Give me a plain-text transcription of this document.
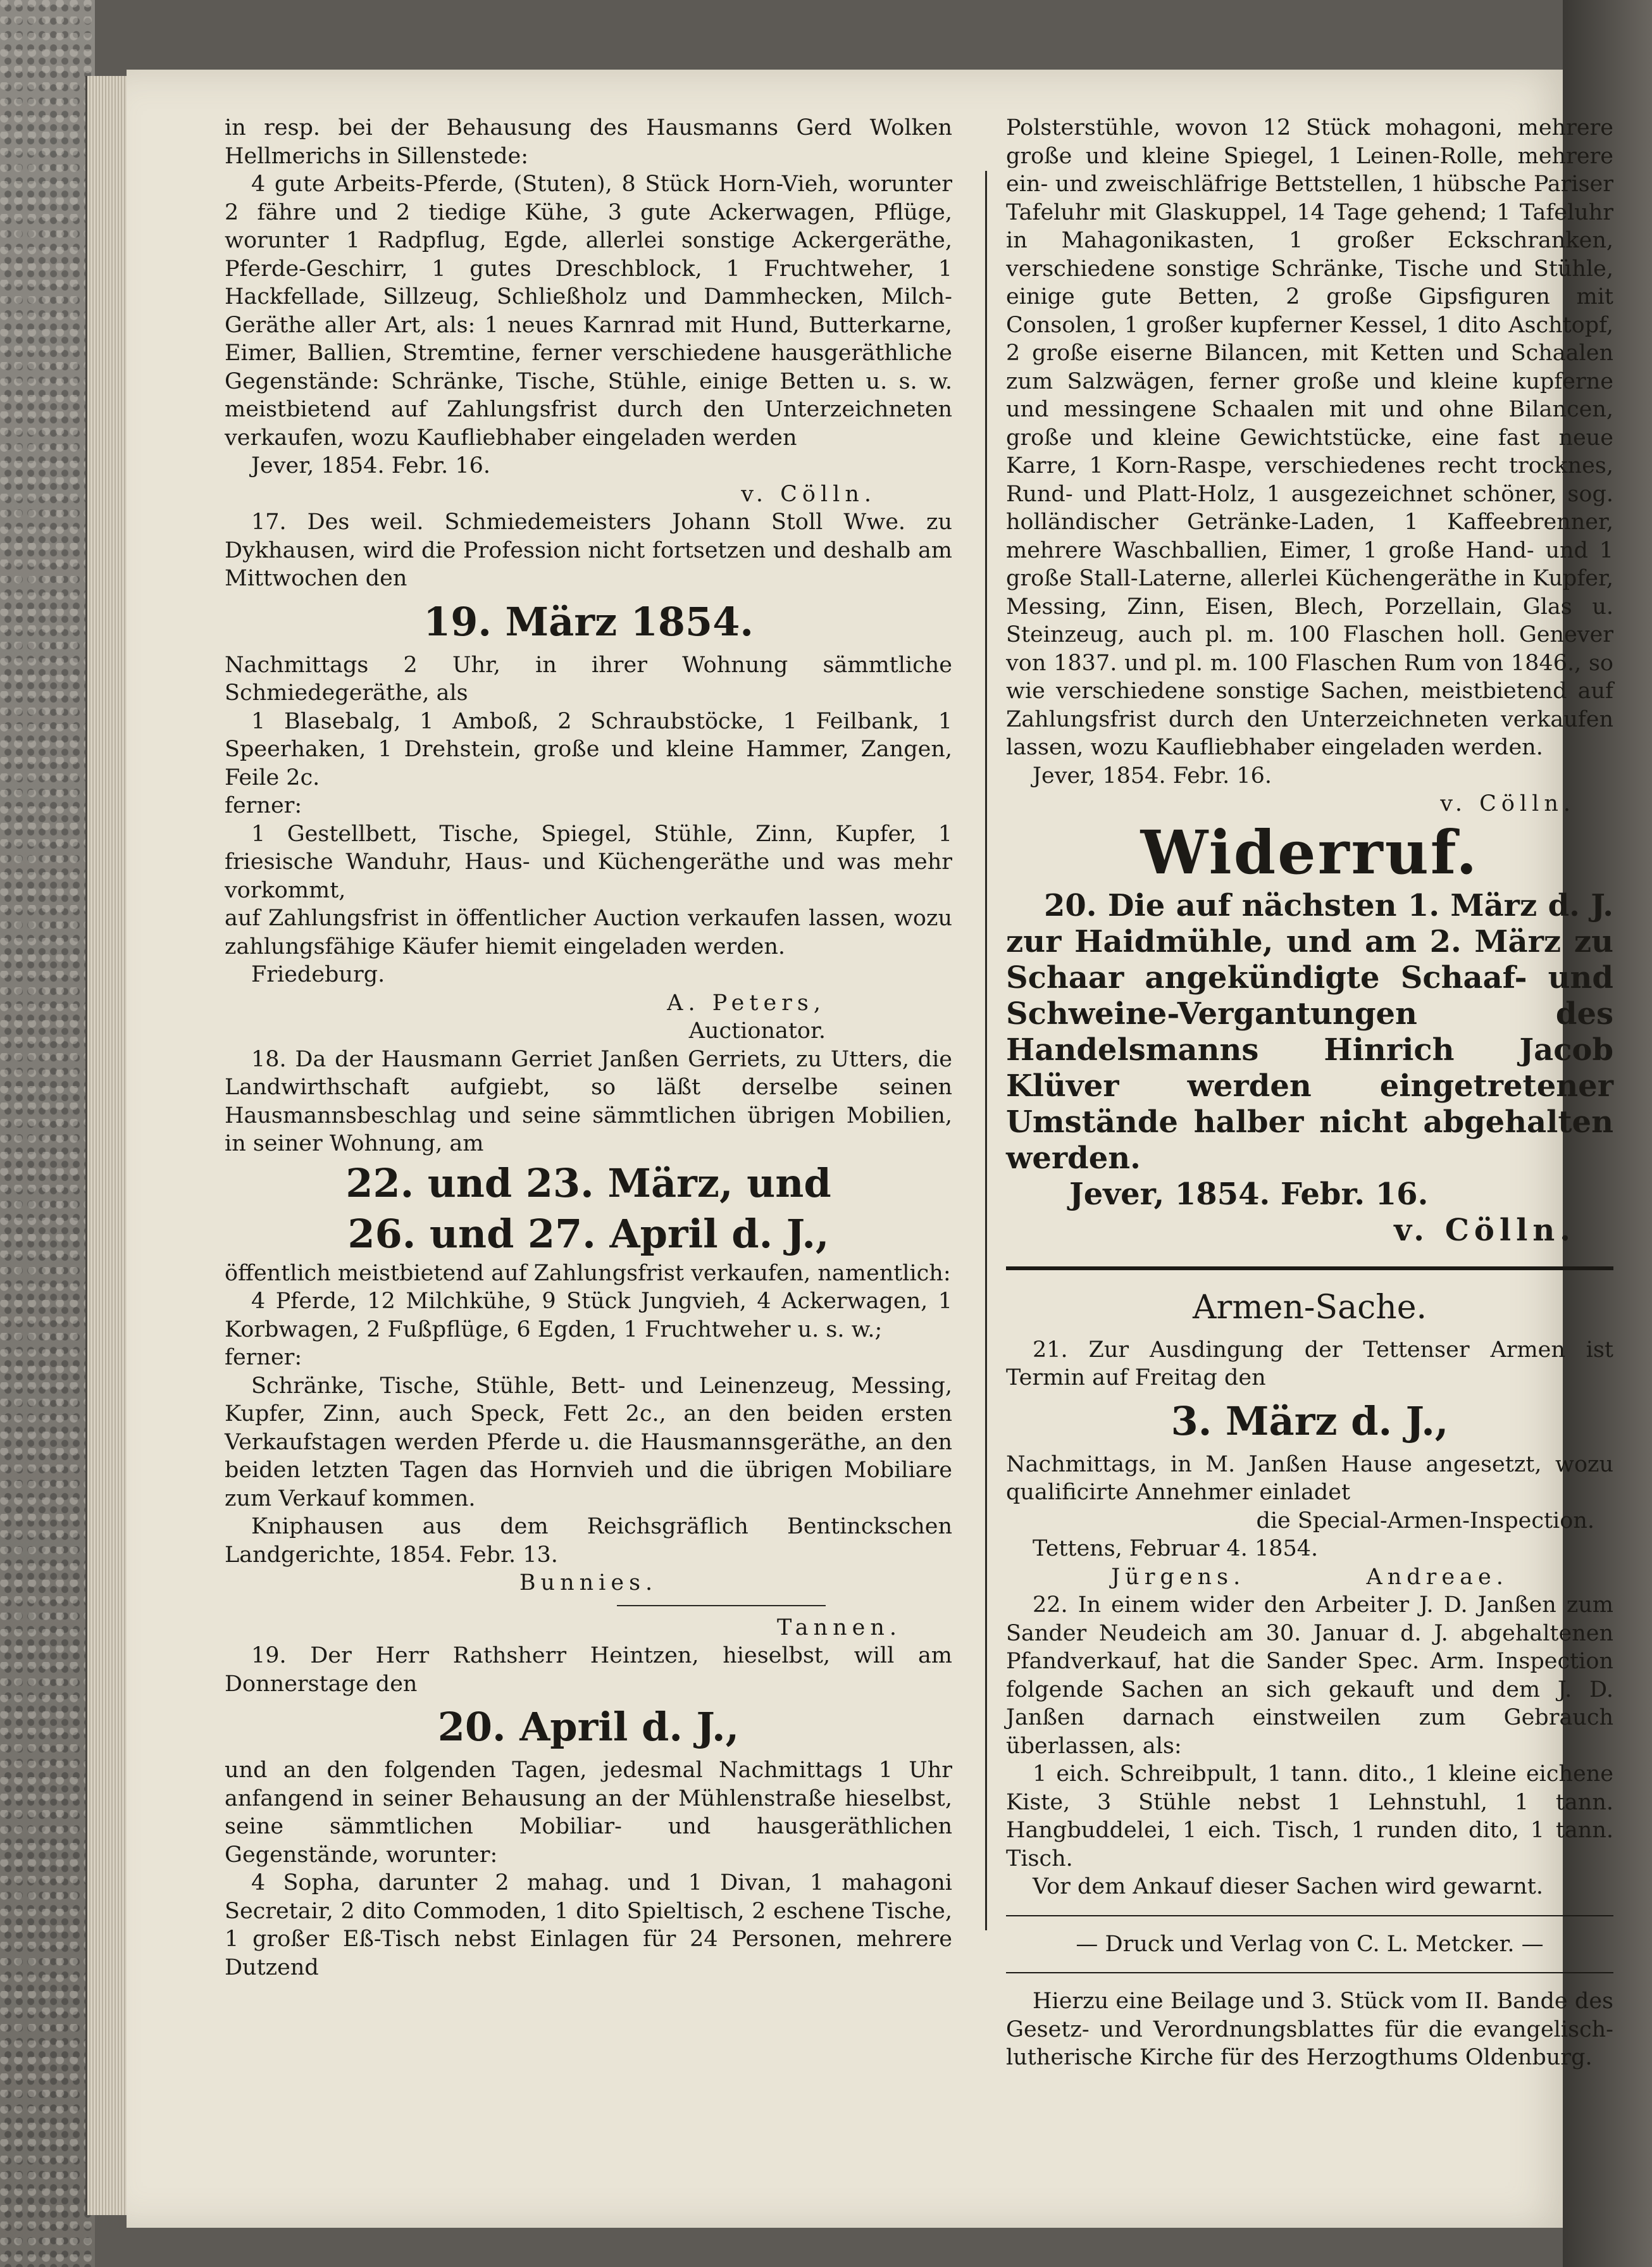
in resp. bei der Behausung des Hausmanns Gerd Wolken Hellmerichs in Sillenstede:

4 gute Arbeits-Pferde, (Stuten), 8 Stück Horn-Vieh, worunter 2 fähre und 2 tiedige Kühe, 3 gute Ackerwagen, Pflüge, worunter 1 Radpflug, Egde, allerlei sonstige Ackergeräthe, Pferde-Geschirr, 1 gutes Dreschblock, 1 Fruchtweher, 1 Hackfellade, Sillzeug, Schließholz und Dammhecken, Milch-Geräthe aller Art, als: 1 neues Karnrad mit Hund, Butterkarne, Eimer, Ballien, Stremtine, ferner verschiedene hausgeräthliche Gegenstände: Schränke, Tische, Stühle, einige Betten u. s. w. meistbietend auf Zahlungsfrist durch den Unterzeichneten verkaufen, wozu Kaufliebhaber eingeladen werden

Jever, 1854. Febr. 16.

v. Cölln.

17. Des weil. Schmiedemeisters Johann Stoll Wwe. zu Dykhausen, wird die Profession nicht fortsetzen und deshalb am Mittwochen den

19. März 1854.

Nachmittags 2 Uhr, in ihrer Wohnung sämmtliche Schmiedegeräthe, als

1 Blasebalg, 1 Amboß, 2 Schraubstöcke, 1 Feilbank, 1 Speerhaken, 1 Drehstein, große und kleine Hammer, Zangen, Feile 2c.

ferner:

1 Gestellbett, Tische, Spiegel, Stühle, Zinn, Kupfer, 1 friesische Wanduhr, Haus- und Küchengeräthe und was mehr vorkommt,

auf Zahlungsfrist in öffentlicher Auction verkaufen lassen, wozu zahlungsfähige Käufer hiemit eingeladen werden.

Friedeburg.

A. Peters,

Auctionator.

18. Da der Hausmann Gerriet Janßen Gerriets, zu Utters, die Landwirthschaft aufgiebt, so läßt derselbe seinen Hausmannsbeschlag und seine sämmtlichen übrigen Mobilien, in seiner Wohnung, am

22. und 23. März, und

26. und 27. April d. J.,

öffentlich meistbietend auf Zahlungsfrist verkaufen, namentlich:

4 Pferde, 12 Milchkühe, 9 Stück Jungvieh, 4 Ackerwagen, 1 Korbwagen, 2 Fußpflüge, 6 Egden, 1 Fruchtweher u. s. w.;

ferner:

Schränke, Tische, Stühle, Bett- und Leinenzeug, Messing, Kupfer, Zinn, auch Speck, Fett 2c., an den beiden ersten Verkaufstagen werden Pferde u. die Hausmannsgeräthe, an den beiden letzten Tagen das Hornvieh und die übrigen Mobiliare zum Verkauf kommen.

Kniphausen aus dem Reichsgräflich Bentinckschen Landgerichte, 1854. Febr. 13.

Bunnies.

Tannen.

19. Der Herr Rathsherr Heintzen, hieselbst, will am Donnerstage den

20. April d. J.,

und an den folgenden Tagen, jedesmal Nachmittags 1 Uhr anfangend in seiner Behausung an der Mühlenstraße hieselbst, seine sämmtlichen Mobiliar- und hausgeräthlichen Gegenstände, worunter:

4 Sopha, darunter 2 mahag. und 1 Divan, 1 mahagoni Secretair, 2 dito Commoden, 1 dito Spieltisch, 2 eschene Tische, 1 großer Eß-Tisch nebst Einlagen für 24 Personen, mehrere Dutzend

Polsterstühle, wovon 12 Stück mohagoni, mehrere große und kleine Spiegel, 1 Leinen-Rolle, mehrere ein- und zweischläfrige Bettstellen, 1 hübsche Pariser Tafeluhr mit Glaskuppel, 14 Tage gehend; 1 Tafeluhr in Mahagonikasten, 1 großer Eckschranken, verschiedene sonstige Schränke, Tische und Stühle, einige gute Betten, 2 große Gipsfiguren mit Consolen, 1 großer kupferner Kessel, 1 dito Aschtopf, 2 große eiserne Bilancen, mit Ketten und Schaalen zum Salzwägen, ferner große und kleine kupferne und messingene Schaalen mit und ohne Bilancen, große und kleine Gewichtstücke, eine fast neue Karre, 1 Korn-Raspe, verschiedenes recht trocknes, Rund- und Platt-Holz, 1 ausgezeichnet schöner, sog. holländischer Getränke-Laden, 1 Kaffeebrenner, mehrere Waschballien, Eimer, 1 große Hand- und 1 große Stall-Laterne, allerlei Küchengeräthe in Kupfer, Messing, Zinn, Eisen, Blech, Porzellain, Glas u. Steinzeug, auch pl. m. 100 Flaschen holl. Genever von 1837. und pl. m. 100 Flaschen Rum von 1846., so wie verschiedene sonstige Sachen, meistbietend auf Zahlungsfrist durch den Unterzeichneten verkaufen lassen, wozu Kaufliebhaber eingeladen werden.

Jever, 1854. Febr. 16.

v. Cölln.

Widerruf.

20. Die auf nächsten 1. März d. J. zur Haidmühle, und am 2. März zu Schaar angekündigte Schaaf- und Schweine-Vergantungen des Handelsmanns Hinrich Jacob Klüver werden eingetretener Umstände halber nicht abgehalten werden.

Jever, 1854. Febr. 16.

v. Cölln.

Armen-Sache.

21. Zur Ausdingung der Tettenser Armen ist Termin auf Freitag den

3. März d. J.,

Nachmittags, in M. Janßen Hause angesetzt, wozu qualificirte Annehmer einladet

die Special-Armen-Inspection.

Tettens, Februar 4. 1854.

Jürgens.          Andreae.

22. In einem wider den Arbeiter J. D. Janßen zum Sander Neudeich am 30. Januar d. J. abgehaltenen Pfandverkauf, hat die Sander Spec. Arm. Inspection folgende Sachen an sich gekauft und dem J. D. Janßen darnach einstweilen zum Gebrauch überlassen, als:

1 eich. Schreibpult, 1 tann. dito., 1 kleine eichene Kiste, 3 Stühle nebst 1 Lehnstuhl, 1 tann. Hangbuddelei, 1 eich. Tisch, 1 runden dito, 1 tann. Tisch.

Vor dem Ankauf dieser Sachen wird gewarnt.

— Druck und Verlag von C. L. Metcker. —

Hierzu eine Beilage und 3. Stück vom II. Bande des Gesetz- und Verordnungsblattes für die evangelisch-lutherische Kirche für des Herzogthums Oldenburg.
